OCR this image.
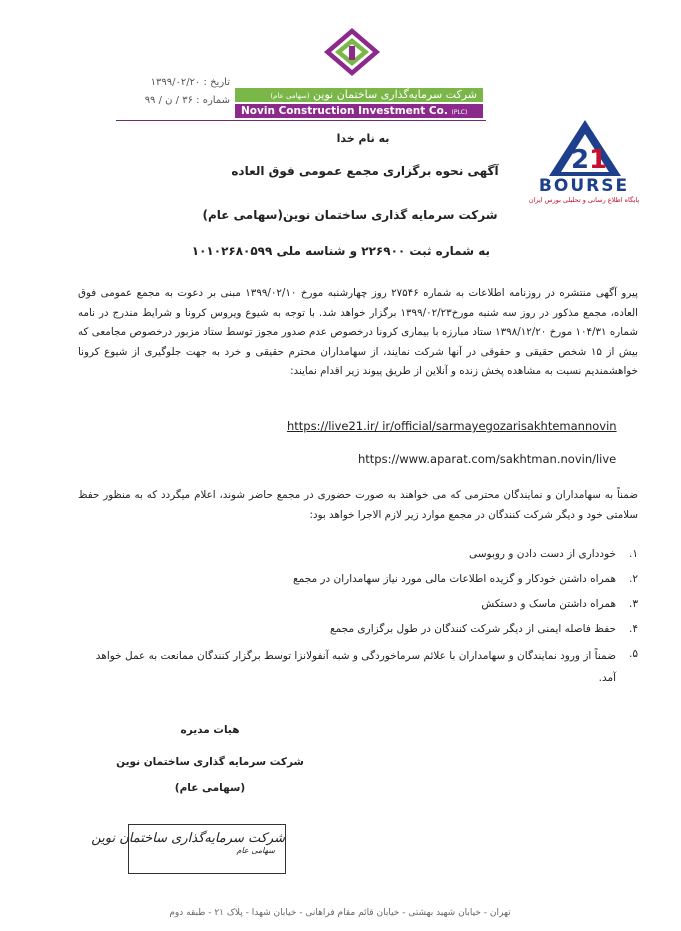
شرکت سرمایه‌گذاری ساختمان نوین (سهامی عام)
Novin Construction Investment Co. (PLC)
تاریخ : ۱۳۹۹/۰۲/۲۰
شماره : ۳۶ / ن / ۹۹
2 1
BOURSE
پایگاه اطلاع رسانی و تحلیلی بورس ایران
به نام خدا
آگهی نحوه برگزاری مجمع عمومی فوق العاده
شرکت سرمایه گذاری ساختمان نوین(سهامی عام)
به شماره ثبت ۲۲۶۹۰۰ و شناسه ملی ۱۰۱۰۲۶۸۰۵۹۹
پیرو آگهی منتشره در روزنامه اطلاعات به شماره ۲۷۵۴۶ روز چهارشنبه مورخ ۱۳۹۹/۰۲/۱۰ مبنی بر دعوت به مجمع عمومی فوق العاده، مجمع مذکور در روز سه شنبه مورخ۱۳۹۹/۰۲/۲۳ برگزار خواهد شد. با توجه به شیوع ویروس کرونا و شرایط مندرج در نامه شماره ۱۰۴/۳۱ مورخ ۱۳۹۸/۱۲/۲۰ ستاد مبارزه با بیماری کرونا درخصوص عدم صدور مجوز توسط ستاد مزبور درخصوص مجامعی که بیش از ۱۵ شخص حقیقی و حقوقی در آنها شرکت نمایند، از سهامداران محترم حقیقی و خرد به جهت جلوگیری از شیوع کرونا خواهشمندیم نسبت به مشاهده پخش زنده و آنلاین از طریق پیوند زیر اقدام نمایند:
https://live21.ir/ ir/official/sarmayegozarisakhtemannovin
https://www.aparat.com/sakhtman.novin/live
ضمناً به سهامداران و نمایندگان محترمی که می خواهند به صورت حضوری در مجمع حاضر شوند، اعلام میگردد که به منظور حفظ سلامتی خود و دیگر شرکت کنندگان در مجمع موارد زیر لازم الاجرا خواهد بود:
۱.
خودداری از دست دادن و روبوسی
۲.
همراه داشتن خودکار و گزیده اطلاعات مالی مورد نیاز سهامداران در مجمع
۳.
همراه داشتن ماسک و دستکش
۴.
حفظ فاصله ایمنی از دیگر شرکت کنندگان در طول برگزاری مجمع
۵.
ضمناً از ورود نمایندگان و سهامداران با علائم سرماخوردگی و شبه آنفولانزا توسط برگزار کنندگان ممانعت به عمل خواهد آمد.
هیات مدیره
شرکت سرمایه گذاری ساختمان نوین
(سهامی عام)
شرکت سرمایه‌گذاری ساختمان نوین
سهامی عام
تهران - خیابان شهید بهشتی - خیابان قائم مقام فراهانی - خیابان شهدا - پلاک ۲۱ - طبقه دوم
